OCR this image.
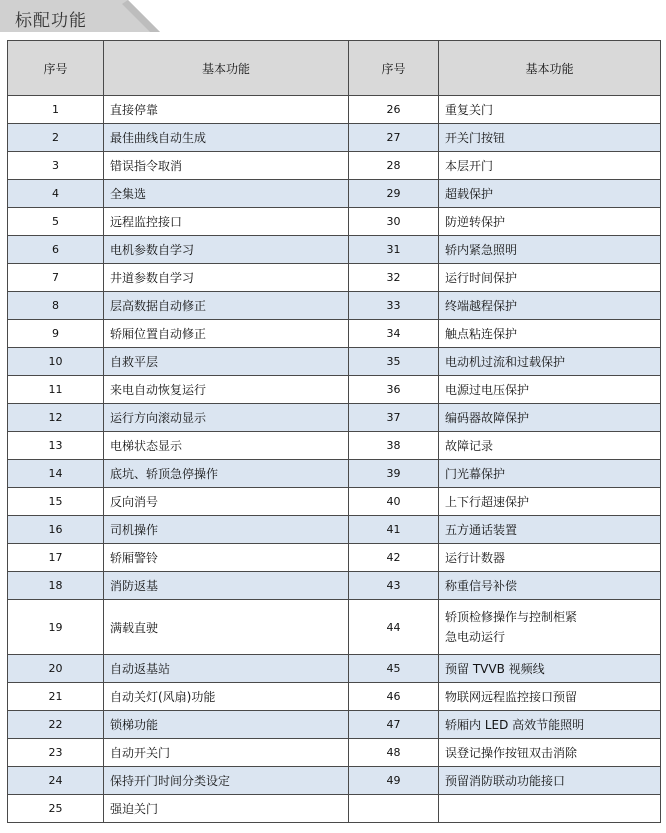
标配功能
序号	基本功能	序号	基本功能
1	直接停靠	26	重复关门
2	最佳曲线自动生成	27	开关门按钮
3	错误指令取消	28	本层开门
4	全集选	29	超载保护
5	远程监控接口	30	防逆转保护
6	电机参数自学习	31	轿内紧急照明
7	井道参数自学习	32	运行时间保护
8	层高数据自动修正	33	终端越程保护
9	轿厢位置自动修正	34	触点粘连保护
10	自救平层	35	电动机过流和过载保护
11	来电自动恢复运行	36	电源过电压保护
12	运行方向滚动显示	37	编码器故障保护
13	电梯状态显示	38	故障记录
14	底坑、轿顶急停操作	39	门光幕保护
15	反向消号	40	上下行超速保护
16	司机操作	41	五方通话装置
17	轿厢警铃	42	运行计数器
18	消防返基	43	称重信号补偿
19	满载直驶	44	轿顶检修操作与控制柜紧
急电动运行

20	自动返基站	45	预留 TVVB 视频线
21	自动关灯(风扇)功能	46	物联网远程监控接口预留
22	锁梯功能	47	轿厢内 LED 高效节能照明
23	自动开关门	48	误登记操作按钮双击消除
24	保持开门时间分类设定	49	预留消防联动功能接口
25	强迫关门		
